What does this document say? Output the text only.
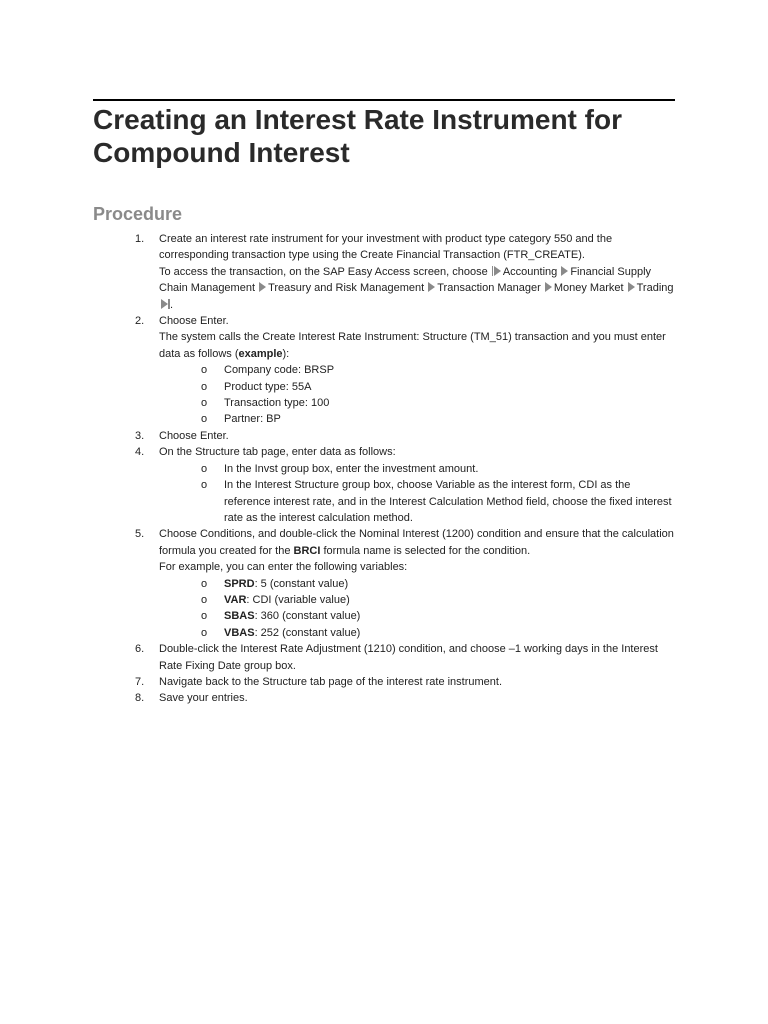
Creating an Interest Rate Instrument for Compound Interest
Procedure
1. Create an interest rate instrument for your investment with product type category 550 and the corresponding transaction type using the Create Financial Transaction (FTR_CREATE).
To access the transaction, on the SAP Easy Access screen, choose Accounting Financial Supply Chain Management Treasury and Risk Management Transaction Manager Money Market Trading .
2. Choose Enter.
The system calls the Create Interest Rate Instrument: Structure (TM_51) transaction and you must enter data as follows (example):
o Company code: BRSP
o Product type: 55A
o Transaction type: 100
o Partner: BP
3. Choose Enter.
4. On the Structure tab page, enter data as follows:
o In the Invst group box, enter the investment amount.
o In the Interest Structure group box, choose Variable as the interest form, CDI as the reference interest rate, and in the Interest Calculation Method field, choose the fixed interest rate as the interest calculation method.
5. Choose Conditions, and double-click the Nominal Interest (1200) condition and ensure that the calculation formula you created for the BRCI formula name is selected for the condition.
For example, you can enter the following variables:
o SPRD: 5 (constant value)
o VAR: CDI (variable value)
o SBAS: 360 (constant value)
o VBAS: 252 (constant value)
6. Double-click the Interest Rate Adjustment (1210) condition, and choose –1 working days in the Interest Rate Fixing Date group box.
7. Navigate back to the Structure tab page of the interest rate instrument.
8. Save your entries.
